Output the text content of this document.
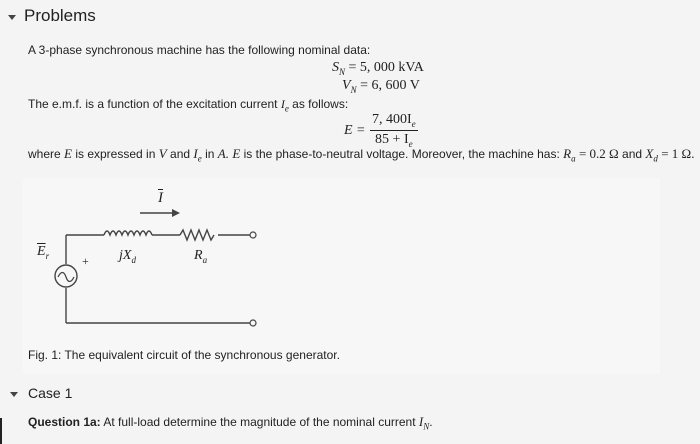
Problems
A 3-phase synchronous machine has the following nominal data:
$S_N = 5$, 000 kVA
$V_N = 6$, 600 V
The e.m.f. is a function of the excitation current $I_e$ as follows:
$E = \frac{7, 400I_e}{85 + I_e}$
where E is expressed in V and $I_e$ in A. E is the phase-to-neutral voltage. Moreover, the machine has: $R_a = 0.2$ Ω and $X_d = 1$ Ω.
$\overline{I}$
$\overline{E}_r$	+ $jX_d$	$R_a$
Fig. 1: The equivalent circuit of the synchronous generator.
Case 1
Question 1a: At full-load determine the magnitude of the nominal current $I_N$.
